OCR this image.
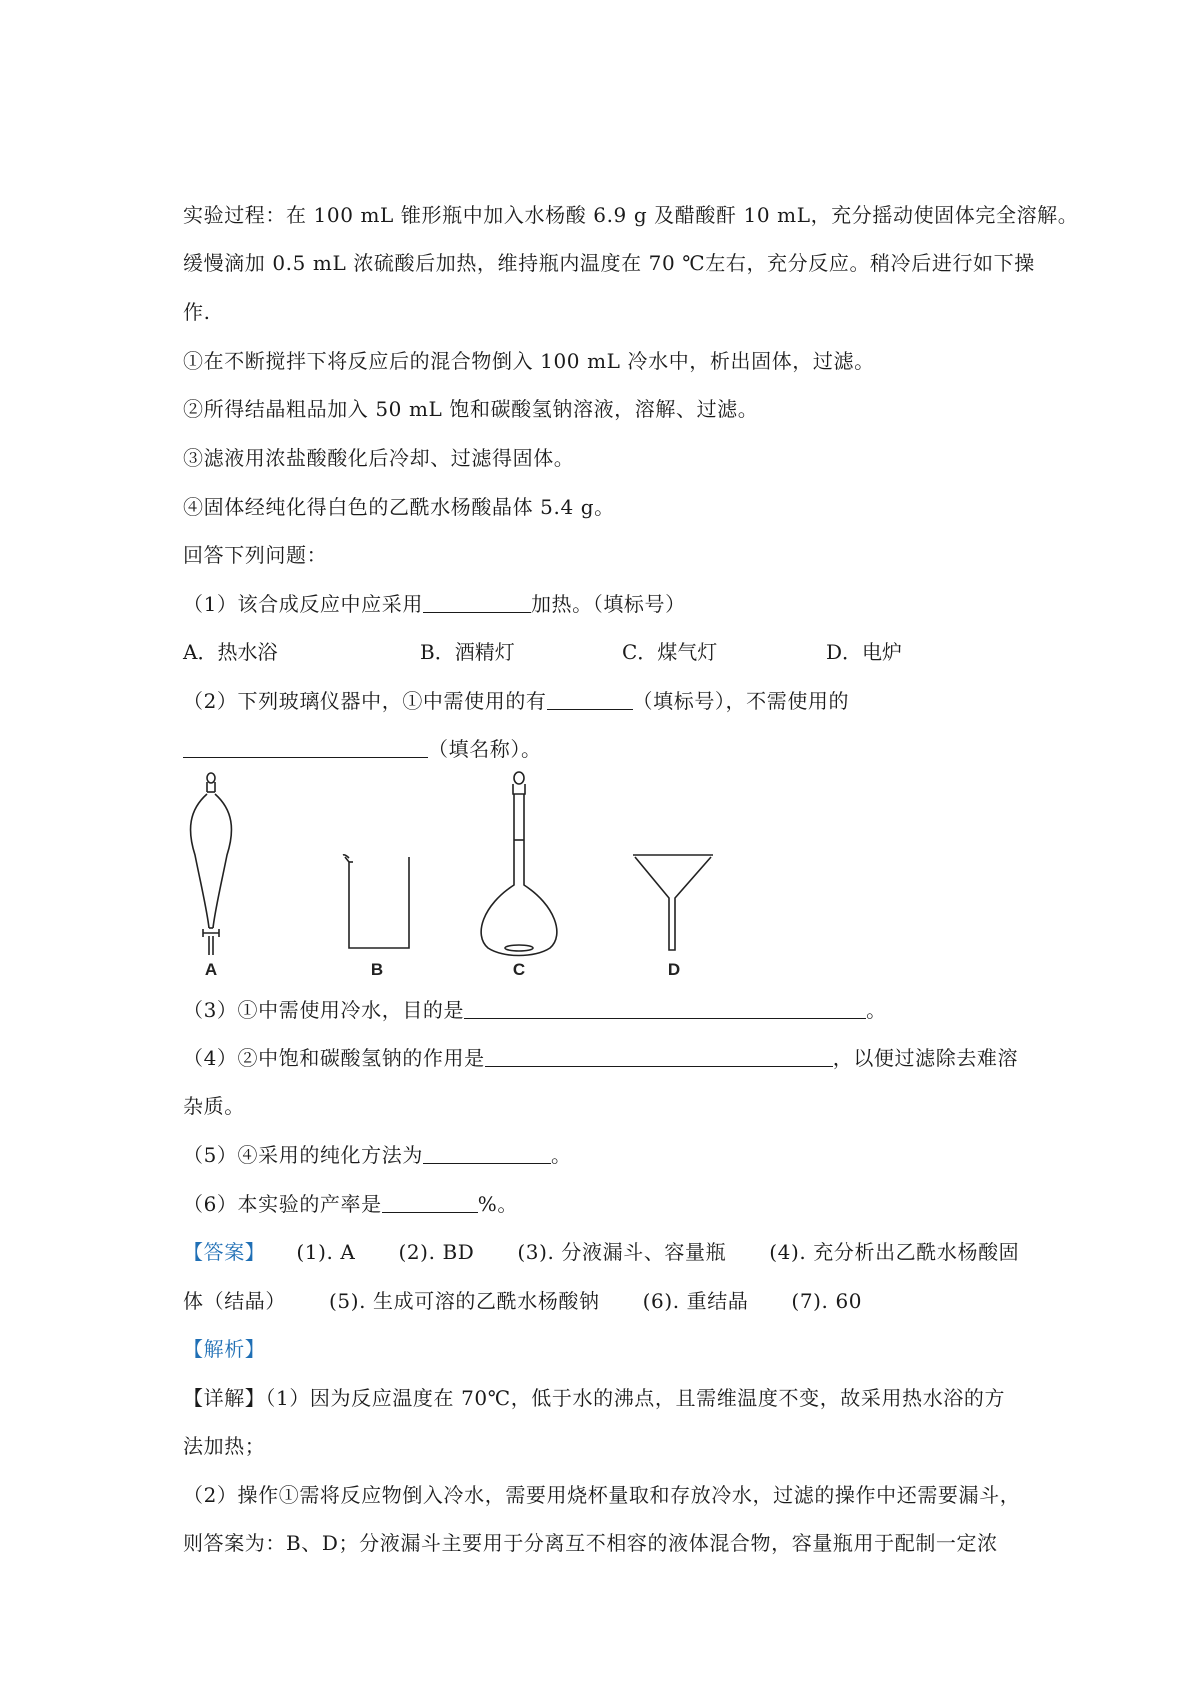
实验过程：在 100 mL 锥形瓶中加入水杨酸 6.9 g 及醋酸酐 10 mL，充分摇动使固体完全溶解。
缓慢滴加 0.5 mL 浓硫酸后加热，维持瓶内温度在 70 ℃左右，充分反应。稍冷后进行如下操
作.
①在不断搅拌下将反应后的混合物倒入 100 mL 冷水中，析出固体，过滤。
②所得结晶粗品加入 50 mL 饱和碳酸氢钠溶液，溶解、过滤。
③滤液用浓盐酸酸化后冷却、过滤得固体。
④固体经纯化得白色的乙酰水杨酸晶体 5.4 g。
回答下列问题：
（1）该合成反应中应采用	加热。（填标号）
A．热水浴	B．酒精灯	C．煤气灯	D．电炉
（2）下列玻璃仪器中，①中需使用的有	（填标号），不需使用的
（填名称）。
A	B	C	D
（3）①中需使用冷水，目的是	。
（4）②中饱和碳酸氢钠的作用是	，以便过滤除去难溶
杂质。
（5）④采用的纯化方法为	。
（6）本实验的产率是	%。
【答案】 (1). A (2). BD (3). 分液漏斗、容量瓶 (4). 充分析出乙酰水杨酸固
体（结晶） (5). 生成可溶的乙酰水杨酸钠 (6). 重结晶 (7). 60
【解析】
【详解】（1）因为反应温度在 70℃，低于水的沸点，且需维温度不变，故采用热水浴的方
法加热；
（2）操作①需将反应物倒入冷水，需要用烧杯量取和存放冷水，过滤的操作中还需要漏斗，
则答案为：B、D；分液漏斗主要用于分离互不相容的液体混合物，容量瓶用于配制一定浓
